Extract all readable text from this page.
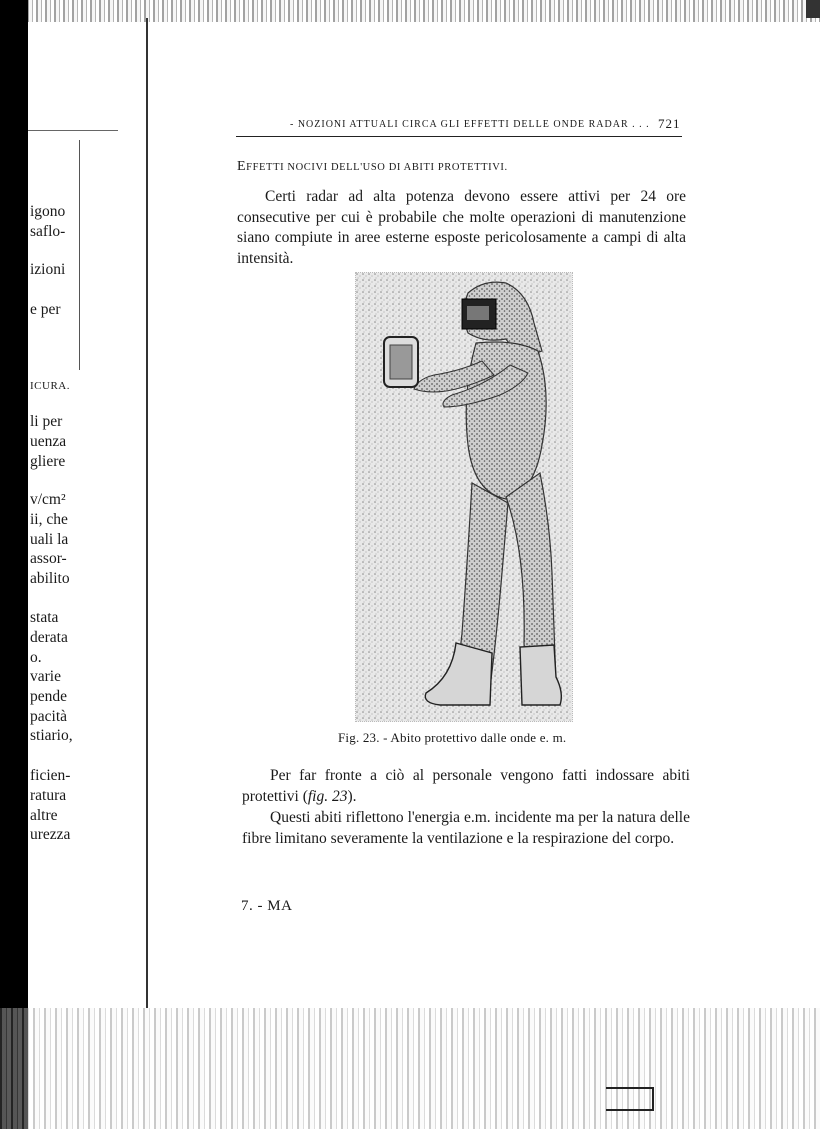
igono
saflo-
izioni
e per
ICURA.
li per
uenza
gliere
v/cm²
ii, che
uali la
assor-
abilito
stata
derata
o.
varie
pende
pacità
stiario,
ficien-
ratura
altre
urezza
- NOZIONI ATTUALI CIRCA GLI EFFETTI DELLE ONDE RADAR . . . 721
EFFETTI NOCIVI DELL'USO DI ABITI PROTETTIVI.
Certi radar ad alta potenza devono essere attivi per 24 ore consecutive per cui è probabile che molte operazioni di manutenzione siano compiute in aree esterne esposte pericolosamente a campi di alta intensità.
Fig. 23. - Abito protettivo dalle onde e. m.
Per far fronte a ciò al personale vengono fatti indossare abiti protettivi (fig. 23).
Questi abiti riflettono l'energia e.m. incidente ma per la natura delle fibre limitano severamente la ventilazione e la respirazione del corpo.
7. - MA
